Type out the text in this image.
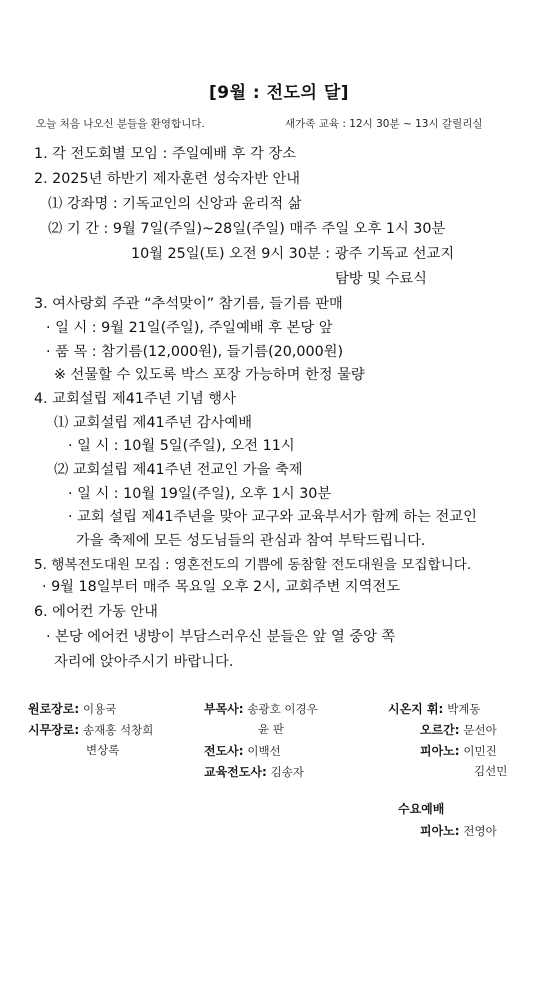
[9월 : 전도의 달]
오늘 처음 나오신 분들을 환영합니다.	새가족 교육 : 12시 30분 ~ 13시 갈릴리실
1. 각 전도회별 모임 : 주일예배 후 각 장소
2. 2025년 하반기 제자훈련 성숙자반 안내
⑴ 강좌명 : 기독교인의 신앙과 윤리적 삶
⑵ 기 간 : 9월 7일(주일)~28일(주일) 매주 주일 오후 1시 30분
10월 25일(토) 오전 9시 30분 : 광주 기독교 선교지
탐방 및 수료식
3. 여사랑회 주관 “추석맞이” 참기름, 들기름 판매
· 일 시 : 9월 21일(주일), 주일예배 후 본당 앞
· 품 목 : 참기름(12,000원), 들기름(20,000원)
※ 선물할 수 있도록 박스 포장 가능하며 한정 물량
4. 교회설립 제41주년 기념 행사
⑴ 교회설립 제41주년 감사예배
· 일 시 : 10월 5일(주일), 오전 11시
⑵ 교회설립 제41주년 전교인 가을 축제
· 일 시 : 10월 19일(주일), 오후 1시 30분
· 교회 설립 제41주년을 맞아 교구와 교육부서가 함께 하는 전교인
가을 축제에 모든 성도님들의 관심과 참여 부탁드립니다.
5. 행복전도대원 모집 : 영혼전도의 기쁨에 동참할 전도대원을 모집합니다.
· 9월 18일부터 매주 목요일 오후 2시, 교회주변 지역전도
6. 에어컨 가동 안내
· 본당 에어컨 냉방이 부담스러우신 분들은 앞 열 중앙 쪽
자리에 앉아주시기 바랍니다.
원로장로: 이용국
시무장로: 송재홍 석창희
변상록
부목사: 송광호 이경우
윤 판
전도사: 이백선
교육전도사: 김송자
시온지 휘: 박계동
오르간: 문선아
피아노: 이민진
김선민
수요예배
피아노: 전영아
